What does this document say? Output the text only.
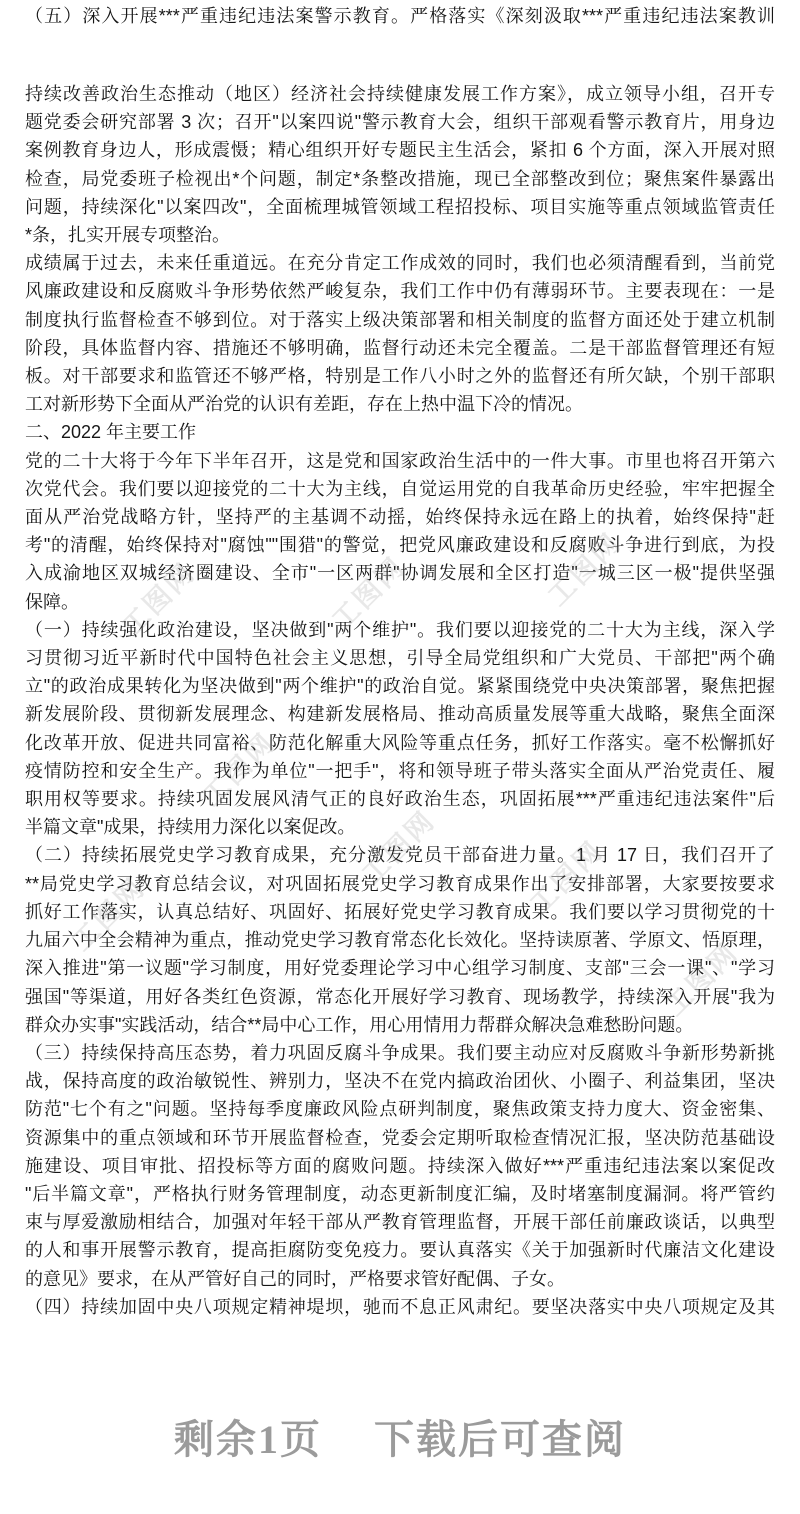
（五）深入开展***严重违纪违法案警示教育。严格落实《深刻汲取***严重违纪违法案教训
持续改善政治生态推动（地区）经济社会持续健康发展工作方案》，成立领导小组，召开专
题党委会研究部署 3 次；召开"以案四说"警示教育大会，组织干部观看警示教育片，用身边
案例教育身边人，形成震慑；精心组织开好专题民主生活会，紧扣 6 个方面，深入开展对照
检查，局党委班子检视出*个问题，制定*条整改措施，现已全部整改到位；聚焦案件暴露出
问题，持续深化"以案四改"，全面梳理城管领域工程招投标、项目实施等重点领域监管责任
*条，扎实开展专项整治。
成绩属于过去，未来任重道远。在充分肯定工作成效的同时，我们也必须清醒看到，当前党
风廉政建设和反腐败斗争形势依然严峻复杂，我们工作中仍有薄弱环节。主要表现在：一是
制度执行监督检查不够到位。对于落实上级决策部署和相关制度的监督方面还处于建立机制
阶段，具体监督内容、措施还不够明确，监督行动还未完全覆盖。二是干部监督管理还有短
板。对干部要求和监管还不够严格，特别是工作八小时之外的监督还有所欠缺，个别干部职
工对新形势下全面从严治党的认识有差距，存在上热中温下冷的情况。
二、2022 年主要工作
党的二十大将于今年下半年召开，这是党和国家政治生活中的一件大事。市里也将召开第六
次党代会。我们要以迎接党的二十大为主线，自觉运用党的自我革命历史经验，牢牢把握全
面从严治党战略方针，坚持严的主基调不动摇，始终保持永远在路上的执着，始终保持"赶
考"的清醒，始终保持对"腐蚀""围猎"的警觉，把党风廉政建设和反腐败斗争进行到底，为投
入成渝地区双城经济圈建设、全市"一区两群"协调发展和全区打造"一城三区一极"提供坚强
保障。
（一）持续强化政治建设，坚决做到"两个维护"。我们要以迎接党的二十大为主线，深入学
习贯彻习近平新时代中国特色社会主义思想，引导全局党组织和广大党员、干部把"两个确
立"的政治成果转化为坚决做到"两个维护"的政治自觉。紧紧围绕党中央决策部署，聚焦把握
新发展阶段、贯彻新发展理念、构建新发展格局、推动高质量发展等重大战略，聚焦全面深
化改革开放、促进共同富裕、防范化解重大风险等重点任务，抓好工作落实。毫不松懈抓好
疫情防控和安全生产。我作为单位"一把手"，将和领导班子带头落实全面从严治党责任、履
职用权等要求。持续巩固发展风清气正的良好政治生态，巩固拓展***严重违纪违法案件"后
半篇文章"成果，持续用力深化以案促改。
（二）持续拓展党史学习教育成果，充分激发党员干部奋进力量。1 月 17 日，我们召开了
**局党史学习教育总结会议，对巩固拓展党史学习教育成果作出了安排部署，大家要按要求
抓好工作落实，认真总结好、巩固好、拓展好党史学习教育成果。我们要以学习贯彻党的十
九届六中全会精神为重点，推动党史学习教育常态化长效化。坚持读原著、学原文、悟原理，
深入推进"第一议题"学习制度，用好党委理论学习中心组学习制度、支部"三会一课"、"学习
强国"等渠道，用好各类红色资源，常态化开展好学习教育、现场教学，持续深入开展"我为
群众办实事"实践活动，结合**局中心工作，用心用情用力帮群众解决急难愁盼问题。
（三）持续保持高压态势，着力巩固反腐斗争成果。我们要主动应对反腐败斗争新形势新挑
战，保持高度的政治敏锐性、辨别力，坚决不在党内搞政治团伙、小圈子、利益集团，坚决
防范"七个有之"问题。坚持每季度廉政风险点研判制度，聚焦政策支持力度大、资金密集、
资源集中的重点领域和环节开展监督检查，党委会定期听取检查情况汇报，坚决防范基础设
施建设、项目审批、招投标等方面的腐败问题。持续深入做好***严重违纪违法案以案促改
"后半篇文章"，严格执行财务管理制度，动态更新制度汇编，及时堵塞制度漏洞。将严管约
束与厚爱激励相结合，加强对年轻干部从严教育管理监督，开展干部任前廉政谈话，以典型
的人和事开展警示教育，提高拒腐防变免疫力。要认真落实《关于加强新时代廉洁文化建设
的意见》要求，在从严管好自己的同时，严格要求管好配偶、子女。
（四）持续加固中央八项规定精神堤坝，驰而不息正风肃纪。要坚决落实中央八项规定及其
工图网	工图网	工图网
工图网
工图网	工图网
工图网
工图网
剩余1页 下载后可查阅
